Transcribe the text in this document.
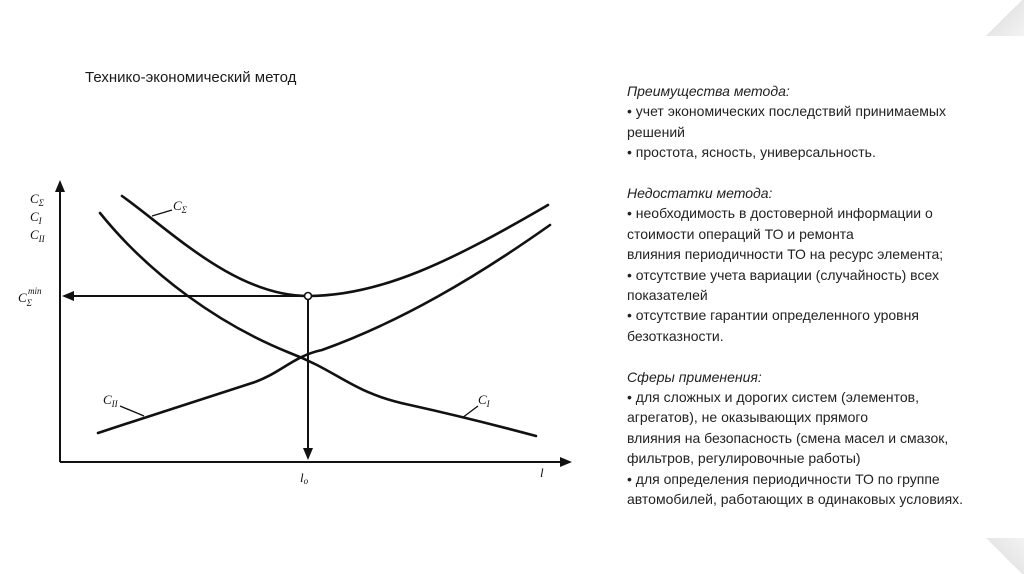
Технико-экономический метод
$C_\Sigma$
$C_I$
$C_{II}$
$C_\Sigma\min$
$C_\Sigma$
$C_{II}$	$C_I$
lo
l
Преимущества метода:
• учет экономических последствий принимаемых
решений
• простота, ясность, универсальность.
Недостатки метода:
• необходимость в достоверной информации о
стоимости операций ТО и ремонта
влияния периодичности ТО на ресурс элемента;
• отсутствие учета вариации (случайность) всех
показателей
• отсутствие гарантии определенного уровня
безотказности.
Сферы применения:
• для сложных и дорогих систем (элементов,
агрегатов), не оказывающих прямого
влияния на безопасность (смена масел и смазок,
фильтров, регулировочные работы)
• для определения периодичности ТО по группе
автомобилей, работающих в одинаковых условиях.
